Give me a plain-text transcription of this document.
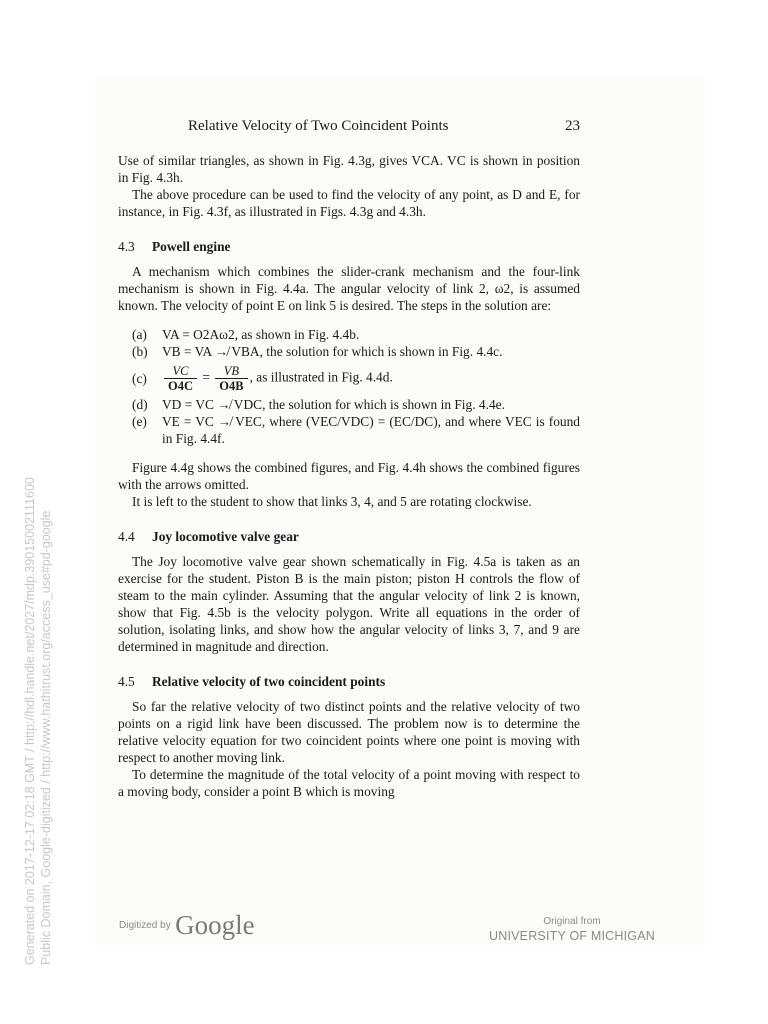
Relative Velocity of Two Coincident Points	23

Use of similar triangles, as shown in Fig. 4.3g, gives VCA. VC is shown in position in Fig. 4.3h.

The above procedure can be used to find the velocity of any point, as D and E, for instance, in Fig. 4.3f, as illustrated in Figs. 4.3g and 4.3h.

4.3 Powell engine

A mechanism which combines the slider-crank mechanism and the four-link mechanism is shown in Fig. 4.4a. The angular velocity of link 2, ω2, is assumed known. The velocity of point E on link 5 is desired. The steps in the solution are:

(a)	VA = O2Aω2, as shown in Fig. 4.4b.
(b)	VB = VA ↛ VBA, the solution for which is shown in Fig. 4.4c.
(c)	$\frac{VC}{O4C} = \frac{VB}{O4B}$ , as illustrated in Fig. 4.4d.
(d)	VD = VC ↛ VDC, the solution for which is shown in Fig. 4.4e.
(e)	VE = VC ↛ VEC, where (VEC/VDC) = (EC/DC), and where VEC is found in Fig. 4.4f.

Figure 4.4g shows the combined figures, and Fig. 4.4h shows the combined figures with the arrows omitted.

It is left to the student to show that links 3, 4, and 5 are rotating clockwise.

4.4 Joy locomotive valve gear

The Joy locomotive valve gear shown schematically in Fig. 4.5a is taken as an exercise for the student. Piston B is the main piston; piston H controls the flow of steam to the main cylinder. Assuming that the angular velocity of link 2 is known, show that Fig. 4.5b is the velocity polygon. Write all equations in the order of solution, isolating links, and show how the angular velocity of links 3, 7, and 9 are determined in magnitude and direction.

4.5 Relative velocity of two coincident points

So far the relative velocity of two distinct points and the relative velocity of two points on a rigid link have been discussed. The problem now is to determine the relative velocity equation for two coincident points where one point is moving with respect to another moving link.

To determine the magnitude of the total velocity of a point moving with respect to a moving body, consider a point B which is moving

Generated on 2017-12-17 02:18 GMT / http://hdl.handle.net/2027/mdp.39015002111600 Public Domain, Google-digitized / http://www.hathitrust.org/access_use#pd-google	Digitized by Google	Original from
UNIVERSITY OF MICHIGAN
